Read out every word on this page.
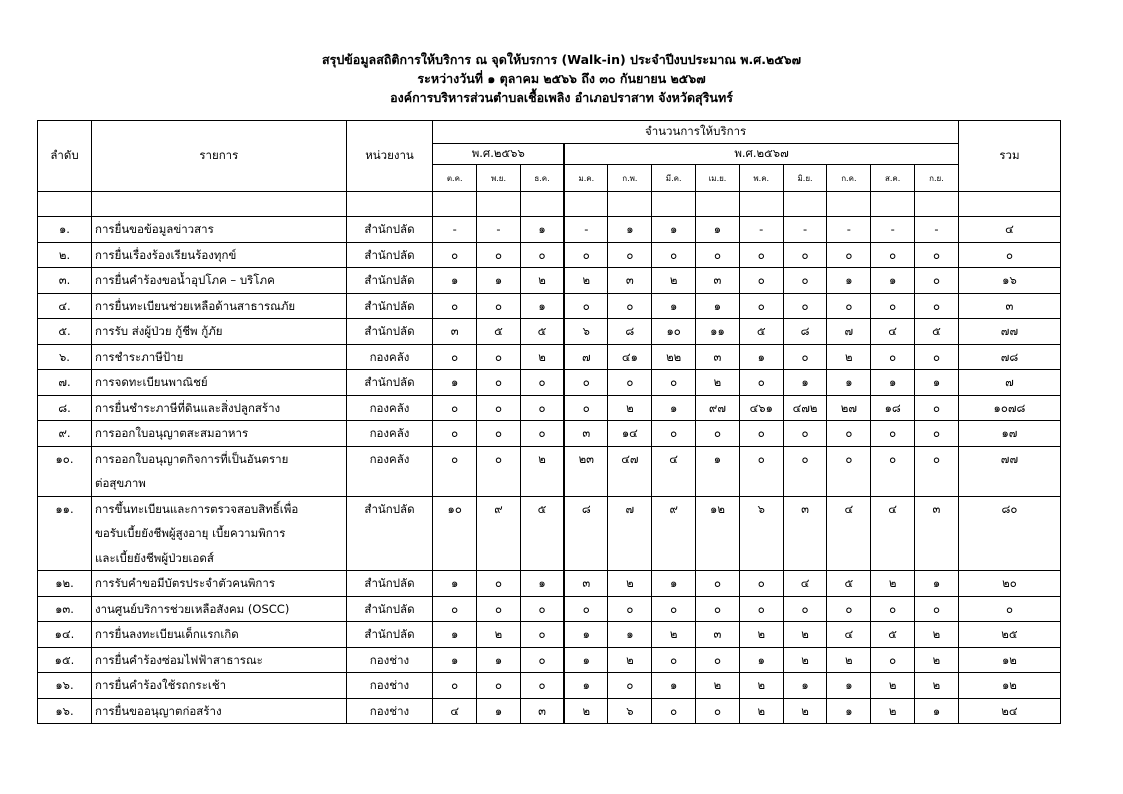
สรุปข้อมูลสถิติการให้บริการ ณ จุดให้บรการ (Walk-in) ประจำปีงบประมาณ พ.ศ.๒๕๖๗
ระหว่างวันที่ ๑ ตุลาคม ๒๕๖๖ ถึง ๓๐ กันยายน ๒๕๖๗
องค์การบริหารส่วนตำบลเชื้อเพลิง อำเภอปราสาท จังหวัดสุรินทร์
ลำดับ	รายการ	หน่วยงาน	จำนวนการให้บริการ												รวม
			พ.ศ.๒๕๖๖			พ.ศ.๒๕๖๗									
			ต.ค.	พ.ย.	ธ.ค.	ม.ค.	ก.พ.	มี.ค.	เม.ย.	พ.ค.	มิ.ย.	ก.ค.	ส.ค.	ก.ย.	

๑.	การยื่นขอข้อมูลข่าวสาร	สำนักปลัด	-	-	๑	-	๑	๑	๑	-	-	-	-	-	๔
๒.	การยื่นเรื่องร้องเรียนร้องทุกข์	สำนักปลัด	๐	๐	๐	๐	๐	๐	๐	๐	๐	๐	๐	๐	๐
๓.	การยื่นคำร้องขอน้ำอุปโภค – บริโภค	สำนักปลัด	๑	๑	๒	๒	๓	๒	๓	๐	๐	๑	๑	๐	๑๖
๔.	การยื่นทะเบียนช่วยเหลือด้านสาธารณภัย	สำนักปลัด	๐	๐	๑	๐	๐	๑	๑	๐	๐	๐	๐	๐	๓
๕.	การรับ ส่งผู้ป่วย กู้ชีพ กู้ภัย	สำนักปลัด	๓	๕	๕	๖	๘	๑๐	๑๑	๕	๘	๗	๔	๕	๗๗
๖.	การชำระภาษีป้าย	กองคลัง	๐	๐	๒	๗	๔๑	๒๒	๓	๑	๐	๒	๐	๐	๗๘
๗.	การจดทะเบียนพาณิชย์	สำนักปลัด	๑	๐	๐	๐	๐	๐	๒	๐	๑	๑	๑	๑	๗
๘.	การยื่นชำระภาษีที่ดินและสิ่งปลูกสร้าง	กองคลัง	๐	๐	๐	๐	๒	๑	๙๗	๔๖๑	๔๗๒	๒๗	๑๘	๐	๑๐๗๘
๙.	การออกใบอนุญาตสะสมอาหาร	กองคลัง	๐	๐	๐	๓	๑๔	๐	๐	๐	๐	๐	๐	๐	๑๗
๑๐.	การออกใบอนุญาตกิจการที่เป็นอันตราย
ต่อสุขภาพ	กองคลัง	๐	๐	๒	๒๓	๔๗	๔	๑	๐	๐	๐	๐	๐	๗๗
๑๑.	การขึ้นทะเบียนและการตรวจสอบสิทธิ์เพื่อ
ขอรับเบี้ยยังชีพผู้สูงอายุ เบี้ยความพิการ
และเบี้ยยังชีพผู้ป่วยเอดส์	สำนักปลัด	๑๐	๙	๕	๘	๗	๙	๑๒	๖	๓	๔	๔	๓	๘๐
๑๒.	การรับคำขอมีบัตรประจำตัวคนพิการ	สำนักปลัด	๑	๐	๑	๓	๒	๑	๐	๐	๔	๕	๒	๑	๒๐
๑๓.	งานศูนย์บริการช่วยเหลือสังคม (OSCC)	สำนักปลัด	๐	๐	๐	๐	๐	๐	๐	๐	๐	๐	๐	๐	๐
๑๔.	การยื่นลงทะเบียนเด็กแรกเกิด	สำนักปลัด	๑	๒	๐	๑	๑	๒	๓	๒	๒	๔	๕	๒	๒๕
๑๕.	การยื่นคำร้องซ่อมไฟฟ้าสาธารณะ	กองช่าง	๑	๑	๐	๑	๒	๐	๐	๑	๒	๒	๐	๒	๑๒
๑๖.	การยื่นคำร้องใช้รถกระเช้า	กองช่าง	๐	๐	๐	๑	๐	๑	๒	๒	๑	๑	๒	๒	๑๒
๑๖.	การยื่นขออนุญาตก่อสร้าง	กองช่าง	๔	๑	๓	๒	๖	๐	๐	๒	๒	๑	๒	๑	๒๔
